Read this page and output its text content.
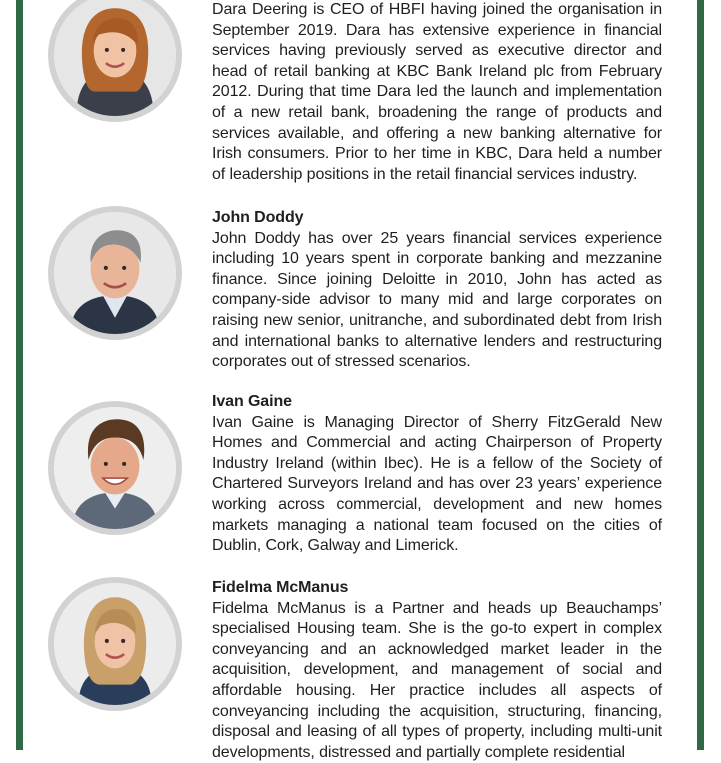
Dara Deering is CEO of HBFI having joined the organisation in September 2019. Dara has extensive experience in financial services having previously served as executive director and head of retail banking at KBC Bank Ireland plc from February 2012. During that time Dara led the launch and implementation of a new retail bank, broadening the range of products and services available, and offering a new banking alternative for Irish consumers. Prior to her time in KBC, Dara held a number of leadership positions in the retail financial services industry.
John Doddy
John Doddy has over 25 years financial services experience including 10 years spent in corporate banking and mezzanine finance. Since joining Deloitte in 2010, John has acted as company-side advisor to many mid and large corporates on raising new senior, unitranche, and subordinated debt from Irish and international banks to alternative lenders and restructuring corporates out of stressed scenarios.
Ivan Gaine
Ivan Gaine is Managing Director of Sherry FitzGerald New Homes and Commercial and acting Chairperson of Property Industry Ireland (within Ibec). He is a fellow of the Society of Chartered Surveyors Ireland and has over 23 years’ experience working across commercial, development and new homes markets managing a national team focused on the cities of Dublin, Cork, Galway and Limerick.
Fidelma McManus
Fidelma McManus is a Partner and heads up Beauchamps’ specialised Housing team. She is the go-to expert in complex conveyancing and an acknowledged market leader in the acquisition, development, and management of social and affordable housing. Her practice includes all aspects of conveyancing including the acquisition, structuring, financing, disposal and leasing of all types of property, including multi-unit developments, distressed and partially complete residential
